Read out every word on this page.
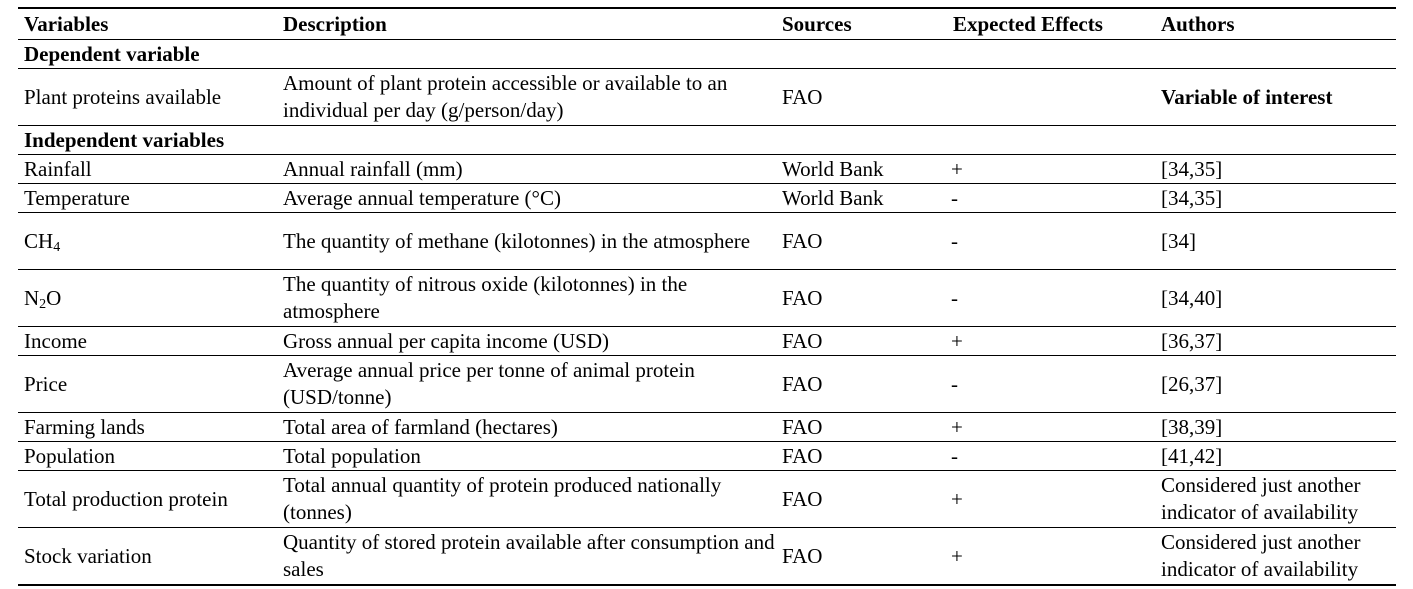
Variables	Description	Sources	Expected Effects	Authors
Dependent variable				
Plant proteins available	Amount of plant protein accessible or available to an individual per day (g/person/day)	FAO		Variable of interest
Independent variables				
Rainfall	Annual rainfall (mm)	World Bank	+	[34,35]
Temperature	Average annual temperature (°C)	World Bank	-	[34,35]
$CH_4$	The quantity of methane (kilotonnes) in the atmosphere	FAO	-	[34]
$N_2O$	The quantity of nitrous oxide (kilotonnes) in the atmosphere	FAO	-	[34,40]
Income	Gross annual per capita income (USD)	FAO	+	[36,37]
Price	Average annual price per tonne of animal protein (USD/tonne)	FAO	-	[26,37]
Farming lands	Total area of farmland (hectares)	FAO	+	[38,39]
Population	Total population	FAO	-	[41,42]
Total production protein	Total annual quantity of protein produced nationally (tonnes)	FAO	+	Considered just another indicator of availability
Stock variation	Quantity of stored protein available after consumption and sales	FAO	+	Considered just another indicator of availability
